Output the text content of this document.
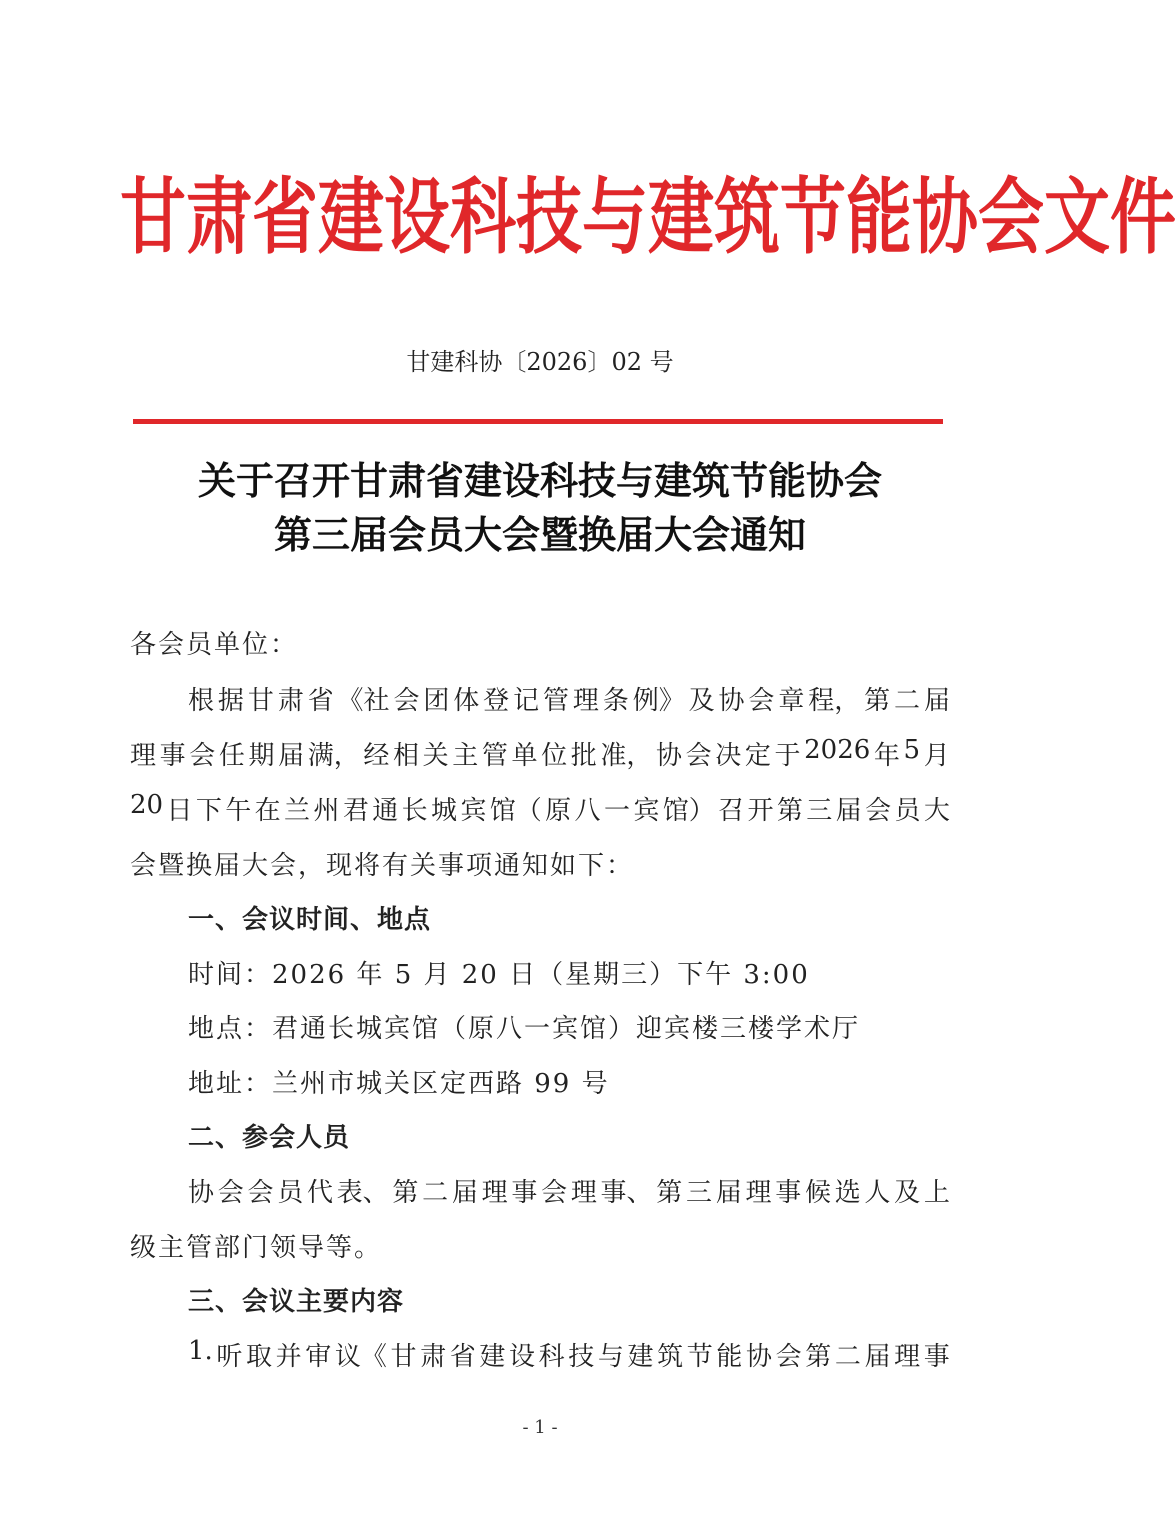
甘 肃 省 建 设 科 技 与 建 筑 节 能 协 会 文 件
甘建科协〔2026〕02 号
关于召开甘肃省建设科技与建筑节能协会
第三届会员大会暨换届大会通知
各会员单位：
根 据 甘 肃 省 《社 会 团 体 登 记 管 理 条 例》 及 协 会 章 程， 第 二 届
理 事 会 任 期 届 满， 经 相 关 主 管 单 位 批 准， 协 会 决 定 于 2026 年 5 月
20 日 下 午 在 兰 州 君 通 长 城 宾 馆（ 原 八 一 宾 馆） 召 开 第 三 届 会 员 大
会暨换届大会，现将有关事项通知如下：
一、会议时间、地点
时间：2026 年 5 月 20 日（星期三）下午 3:00
地点：君通长城宾馆（原八一宾馆）迎宾楼三楼学术厅
地址：兰州市城关区定西路 99 号
二、参会人员
协 会 会 员 代 表、 第 二 届 理 事 会 理 事、 第 三 届 理 事 候 选 人 及 上
级主管部门领导等。
三、会议主要内容
1. 听 取 并 审 议《 甘 肃 省 建 设 科 技 与 建 筑 节 能 协 会 第 二 届 理 事
- 1 -
